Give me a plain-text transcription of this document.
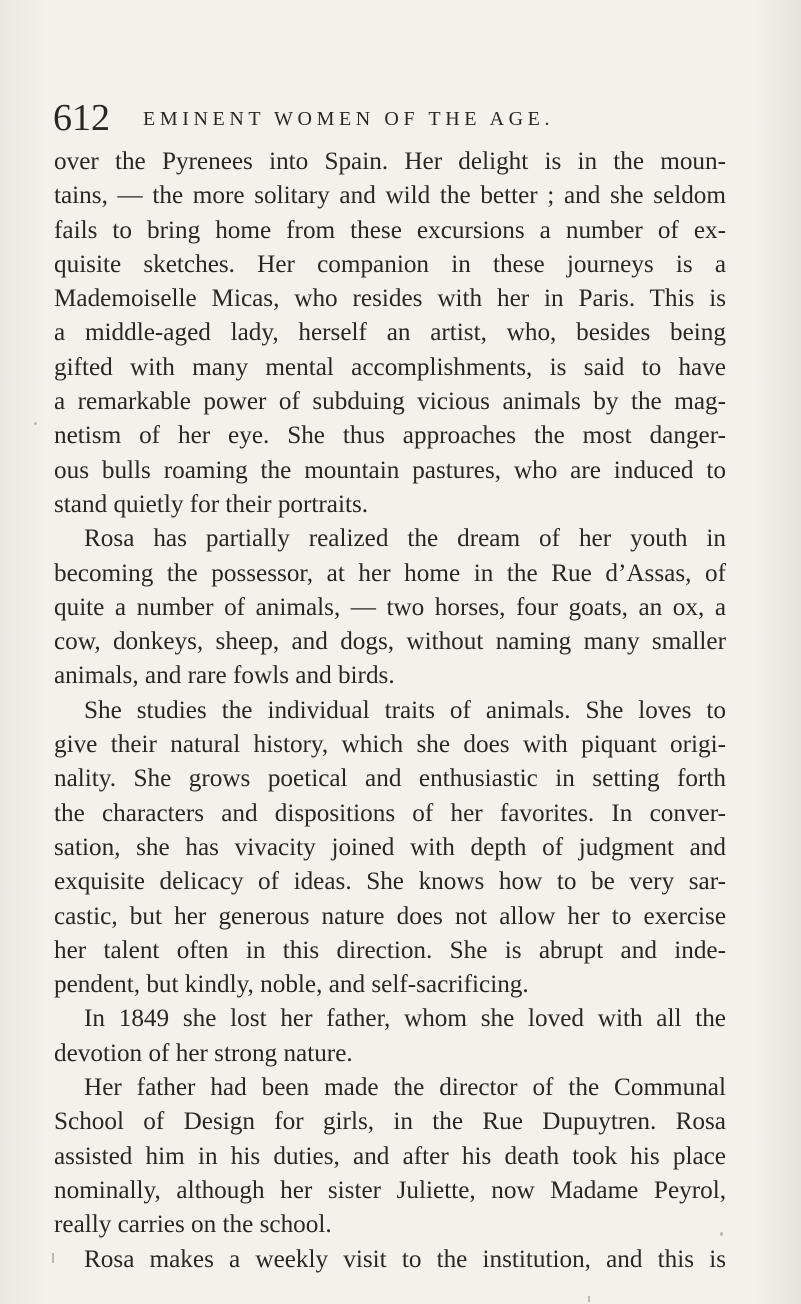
612 EMINENT WOMEN OF THE AGE.
over the Pyrenees into Spain. Her delight is in the moun-
tains, — the more solitary and wild the better ; and she seldom
fails to bring home from these excursions a number of ex-
quisite sketches. Her companion in these journeys is a
Mademoiselle Micas, who resides with her in Paris. This is
a middle-aged lady, herself an artist, who, besides being
gifted with many mental accomplishments, is said to have
a remarkable power of subduing vicious animals by the mag-
netism of her eye. She thus approaches the most danger-
ous bulls roaming the mountain pastures, who are induced to
stand quietly for their portraits.
Rosa has partially realized the dream of her youth in
becoming the possessor, at her home in the Rue d’Assas, of
quite a number of animals, — two horses, four goats, an ox, a
cow, donkeys, sheep, and dogs, without naming many smaller
animals, and rare fowls and birds.
She studies the individual traits of animals. She loves to
give their natural history, which she does with piquant origi-
nality. She grows poetical and enthusiastic in setting forth
the characters and dispositions of her favorites. In conver-
sation, she has vivacity joined with depth of judgment and
exquisite delicacy of ideas. She knows how to be very sar-
castic, but her generous nature does not allow her to exercise
her talent often in this direction. She is abrupt and inde-
pendent, but kindly, noble, and self-sacrificing.
In 1849 she lost her father, whom she loved with all the
devotion of her strong nature.
Her father had been made the director of the Communal
School of Design for girls, in the Rue Dupuytren. Rosa
assisted him in his duties, and after his death took his place
nominally, although her sister Juliette, now Madame Peyrol,
really carries on the school.
Rosa makes a weekly visit to the institution, and this is
